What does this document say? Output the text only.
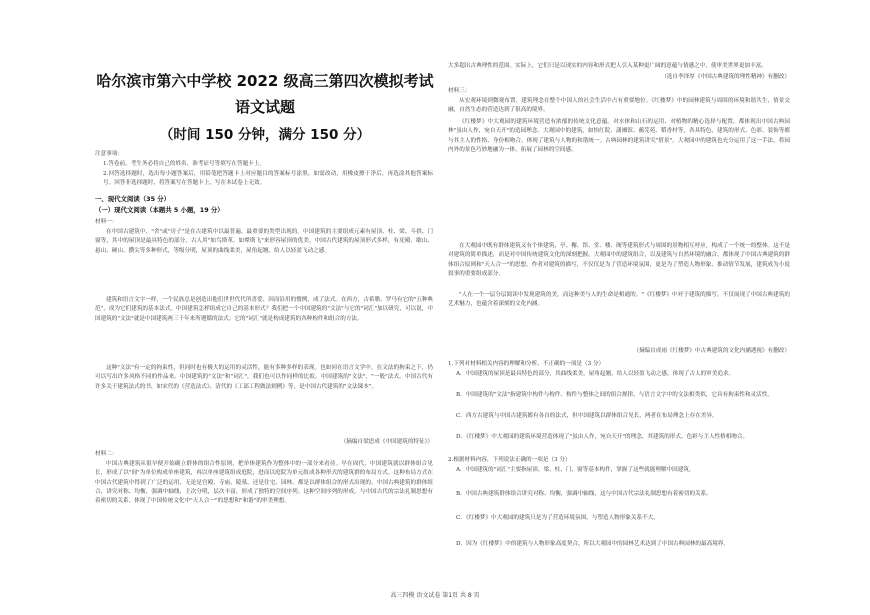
哈尔滨市第六中学校 2022 级高三第四次模拟考试
语文试题
（时间 150 分钟，满分 150 分）
注意事项：
1.答卷前，考生务必将自己的姓名、准考证号等填写在答题卡上。
2.回答选择题时，选出每小题答案后，用铅笔把答题卡上对应题目的答案标号涂黑。如需改动，用橡皮擦干净后，再选涂其他答案标号。回答非选择题时，将答案写在答题卡上，写在本试卷上无效。
一、现代文阅读（35 分）
（一）现代文阅读（本题共 5 小题，19 分）
材料一：
在中国古建筑中，"舍"或"房子"是在古建筑中以最普遍、最重要的类型出现的。中国建筑的主要组成元素有屋顶、柱、梁、斗拱、门窗等，其中的屋顶是最具特色的部分。古人用"如鸟斯革，如翚斯飞"来形容屋顶的优美。中国古代建筑的屋顶形式多样，有庑殿、歇山、悬山、硬山、攒尖等多种形式，等级分明，屋顶的曲线柔美，屋角起翘，给人以轻盈飞动之感。
建筑和语言文字一样，一个民族总是创造出他们世世代代所喜爱、因而沿用的惯例，成了法式。在西方，古希腊、罗马有它的"五种典范"，成为它们建筑的基本法式。中国建筑怎样组成它自己的基本形式？我们把一个中国建筑的"文法"与它的"词汇"加以研究，可以说，中国建筑的"文法"就是中国建筑两三千年来所遵循的法式；它的"词汇"就是构成建筑的各种构件和组合的方法。
这种"文法"有一定的拘束性，但同时也有极大的运用的灵活性，能有多种多样的表现。也如同在语言文学中，在文法的拘束之下，仍可以写出许多风格不同的作品来。中国建筑的"文法"和"词汇"，我们也可以作同样的比拟。中国建筑的"文法"，"一般"法式，中国古代有许多关于建筑法式的书，如宋代的《营造法式》、清代的《工部工程做法则例》等，是中国古代建筑的"文法课本"。
（摘编自梁思成《中国建筑的特征》）
材料二：
中国古典建筑从很早便开始确立群体的组合性原则，把单体建筑作为整体中的一部分来看待。早在周代，中国建筑就以群体组合见长，形成了以"间"为单位构成单座建筑，再以单座建筑组成庭院，进而以庭院为单元组成各种形式的建筑群的布局方式。这种布局方式在中国古代建筑中得到了广泛的运用，无论是宫殿、寺庙、陵墓，还是住宅、园林，都是以群体组合的形式出现的。中国古典建筑的群体组合，讲究对称、均衡，强调中轴线，主次分明，层次丰富，形成了独特的空间序列。这种空间序列的形成，与中国古代的宗法礼制思想有着密切的关系，体现了中国传统文化中"天人合一"的思想和"和谐"的审美理想。
大多超出古典理性的范围。实际上，它们只是以现实的内容和形式把人引入某种更广阔的意蕴与情感之中，使审美世界更加丰富。
（选自李泽厚《中国古典建筑的理性精神》有删改）
材料三：
从宏观环境到微观布置，建筑理念在整个中国人的社会生活中占有重要地位。《红楼梦》中的园林建筑与周围的环境和谐共生，情景交融，自然生态的营造达到了很高的境界。
《红楼梦》中大观园的建筑环境营造有浓郁的传统文化意蕴。对水体和山石的运用、对植物的精心选择与配置，都体现出中国古典园林"虽由人作，宛自天开"的造园理念。大观园中的建筑，如怡红院、潇湘馆、蘅芜苑、稻香村等，各具特色，建筑的形式、色彩、装饰等都与其主人的性格、身份相吻合，体现了建筑与人物的和谐统一。古典园林的建筑讲究"借景"，大观园中的建筑也充分运用了这一手法，将园内外的景色巧妙地融为一体，拓展了园林的空间感。
在大观园中既有群体建筑又有个体建筑，亭、榭、馆、堂、楼、阁等建筑形式与周围的景物相互呼应，构成了一个统一的整体。这不是对建筑的简单描述，而是对中国传统建筑文化的深刻把握。大观园中的建筑组合，以及建筑与自然环境的融合，都体现了中国古典建筑的群体组合原则和"天人合一"的思想。作者对建筑的描写，不仅仅是为了营造环境氛围，更是为了塑造人物形象、推动情节发展，建筑成为小说叙事的重要组成部分。
"人在一个一层分层阅读中发现建筑的美，而这种美与人的生命是相通的。"《红楼梦》中对于建筑的描写，不仅展现了中国古典建筑的艺术魅力，也蕴含着深刻的文化内涵。
（摘编自成雨《红楼梦》中古典建筑的文化内涵透视》有删改）
1.下列对材料相关内容的理解和分析，不正确的一项是（3 分）
A．中国建筑的屋顶是最具特色的部分，其曲线柔美，屋角起翘，给人以轻盈飞动之感，体现了古人的审美追求。
B．中国建筑的"文法"指建筑中构件与构件、构件与整体之间的组合规律，与语言文字中的文法相类似，它具有拘束性和灵活性。
C．西方古建筑与中国古建筑都有各自的法式，但中国建筑以群体组合见长，两者在布局理念上存在差异。
D．《红楼梦》中大观园的建筑环境营造体现了"虽由人作，宛自天开"的理念，其建筑的形式、色彩与主人性格相吻合。
2.根据材料内容，下列说法正确的一项是（3 分）
A．中国建筑的"词汇"主要指屋顶、梁、柱、门、窗等基本构件，掌握了这些就能理解中国建筑。
B．中国古典建筑群体组合讲究对称、均衡，强调中轴线，这与中国古代宗法礼制思想有着密切的关系。
C．《红楼梦》中大观园的建筑只是为了营造环境氛围，与塑造人物形象关系不大。
D．因为《红楼梦》中的建筑与人物形象高度契合，所以大观园中的园林艺术达到了中国古典园林的最高境界。
高三四模 语文试卷 第1页 共 8 页
